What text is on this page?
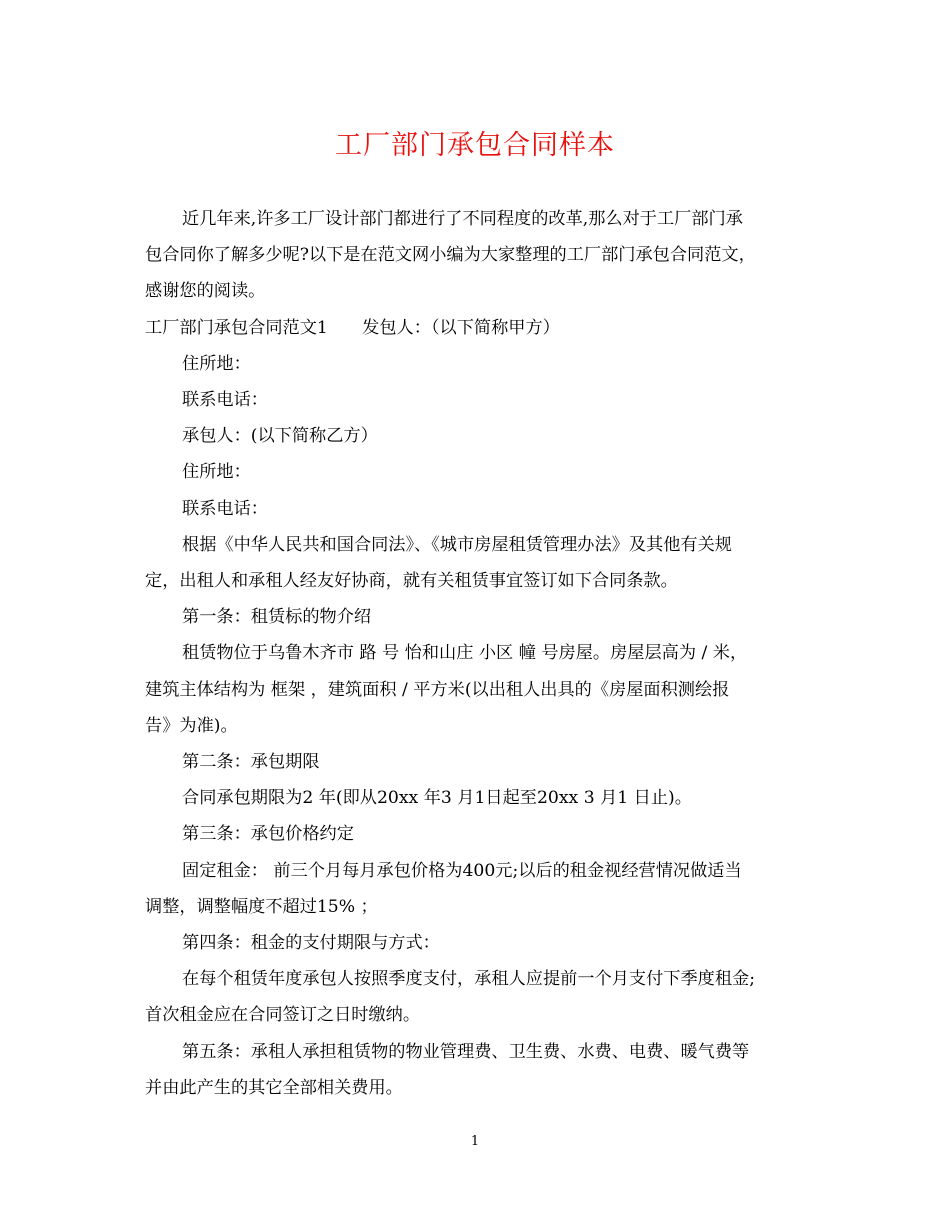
工厂部门承包合同样本

近几年来,许多工厂设计部门都进行了不同程度的改革,那么对于工厂部门承

包合同你了解多少呢?以下是在范文网小编为大家整理的工厂部门承包合同范文，

感谢您的阅读。

工厂部门承包合同范文1　　发包人：（以下简称甲方）

住所地：

联系电话：

承包人：(以下简称乙方）

住所地：

联系电话：

根据《中华人民共和国合同法》、《城市房屋租赁管理办法》及其他有关规

定，出租人和承租人经友好协商，就有关租赁事宜签订如下合同条款。

第一条：租赁标的物介绍

租赁物位于乌鲁木齐市 路 号 怡和山庄 小区 幢 号房屋。房屋层高为 / 米，

建筑主体结构为 框架 ，建筑面积 / 平方米(以出租人出具的《房屋面积测绘报

告》为准)。

第二条：承包期限

合同承包期限为2 年(即从20xx 年3 月1日起至20xx 3 月1 日止)。

第三条：承包价格约定

固定租金： 前三个月每月承包价格为400元;以后的租金视经营情况做适当

调整，调整幅度不超过15% ；

第四条：租金的支付期限与方式：

在每个租赁年度承包人按照季度支付，承租人应提前一个月支付下季度租金;

首次租金应在合同签订之日时缴纳。

第五条：承租人承担租赁物的物业管理费、卫生费、水费、电费、暖气费等

并由此产生的其它全部相关费用。

1
